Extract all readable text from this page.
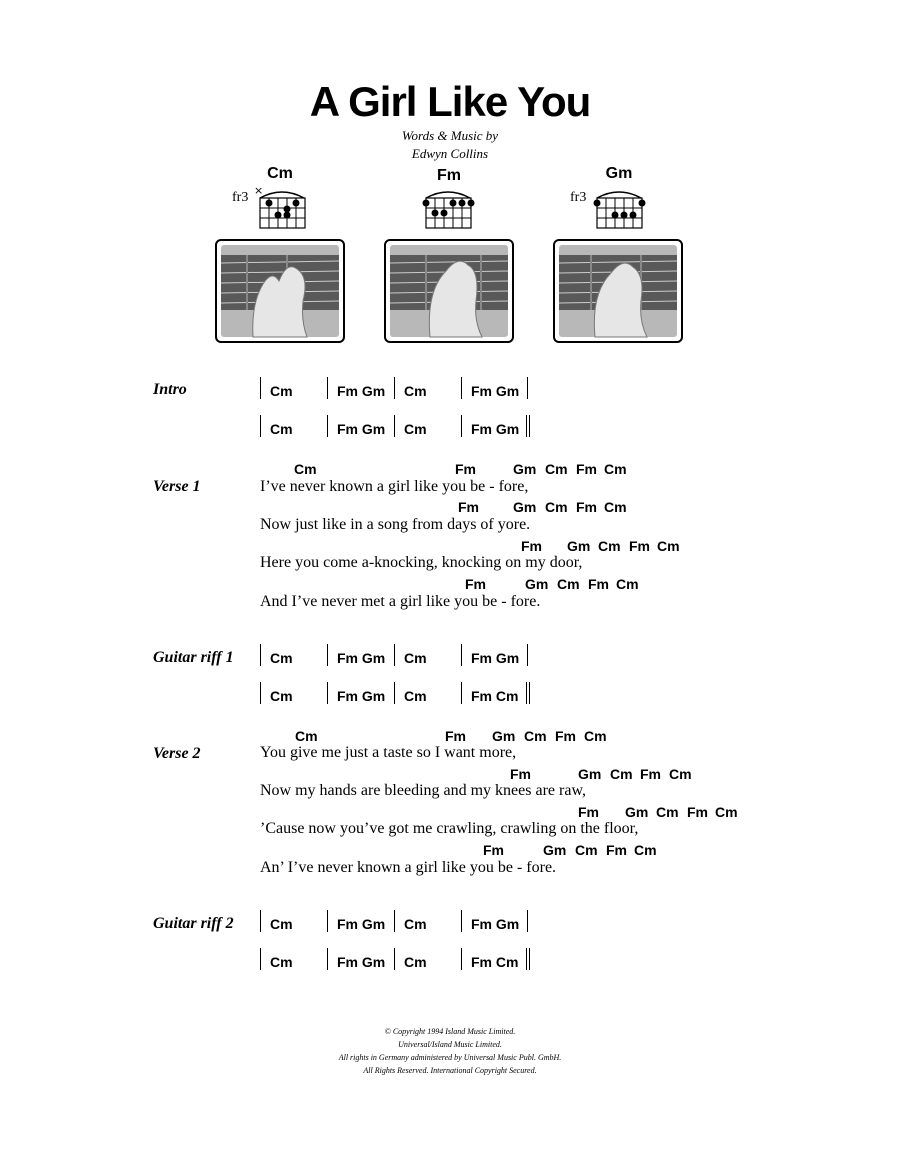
A Girl Like You
Words & Music by
Edwyn Collins
Cm
fr3 ×
Fm	Gm
fr3
Intro	Cm	Fm Gm Cm	Fm Gm
Cm	Fm Gm Cm	Fm Gm
Verse 1
Cm	Fm	Gm Cm Fm Cm
I’ve never known a girl like you be - fore,
Fm Gm Cm Fm Cm
Now just like in a song from days of yore.
Fm Gm Cm Fm Cm
Here you come a-knocking, knocking on my door,
Fm	Gm Cm Fm Cm
And I’ve never met a girl like you be - fore.
Guitar riff 1	Cm	Fm Gm Cm	Fm Gm
Cm	Fm Gm Cm	Fm Cm
Verse 2
Cm	Fm Gm Cm Fm Cm
You give me just a taste so I want more,
Fm	Gm Cm Fm Cm
Now my hands are bleeding and my knees are raw,
Fm Gm Cm Fm Cm
’Cause now you’ve got me crawling, crawling on the floor,
Fm	Gm Cm Fm Cm
An’ I’ve never known a girl like you be - fore.
Guitar riff 2	Cm	Fm Gm Cm	Fm Gm
Cm	Fm Gm Cm	Fm Cm
© Copyright 1994 Island Music Limited.
Universal/Island Music Limited.
All rights in Germany administered by Universal Music Publ. GmbH.
All Rights Reserved. International Copyright Secured.
